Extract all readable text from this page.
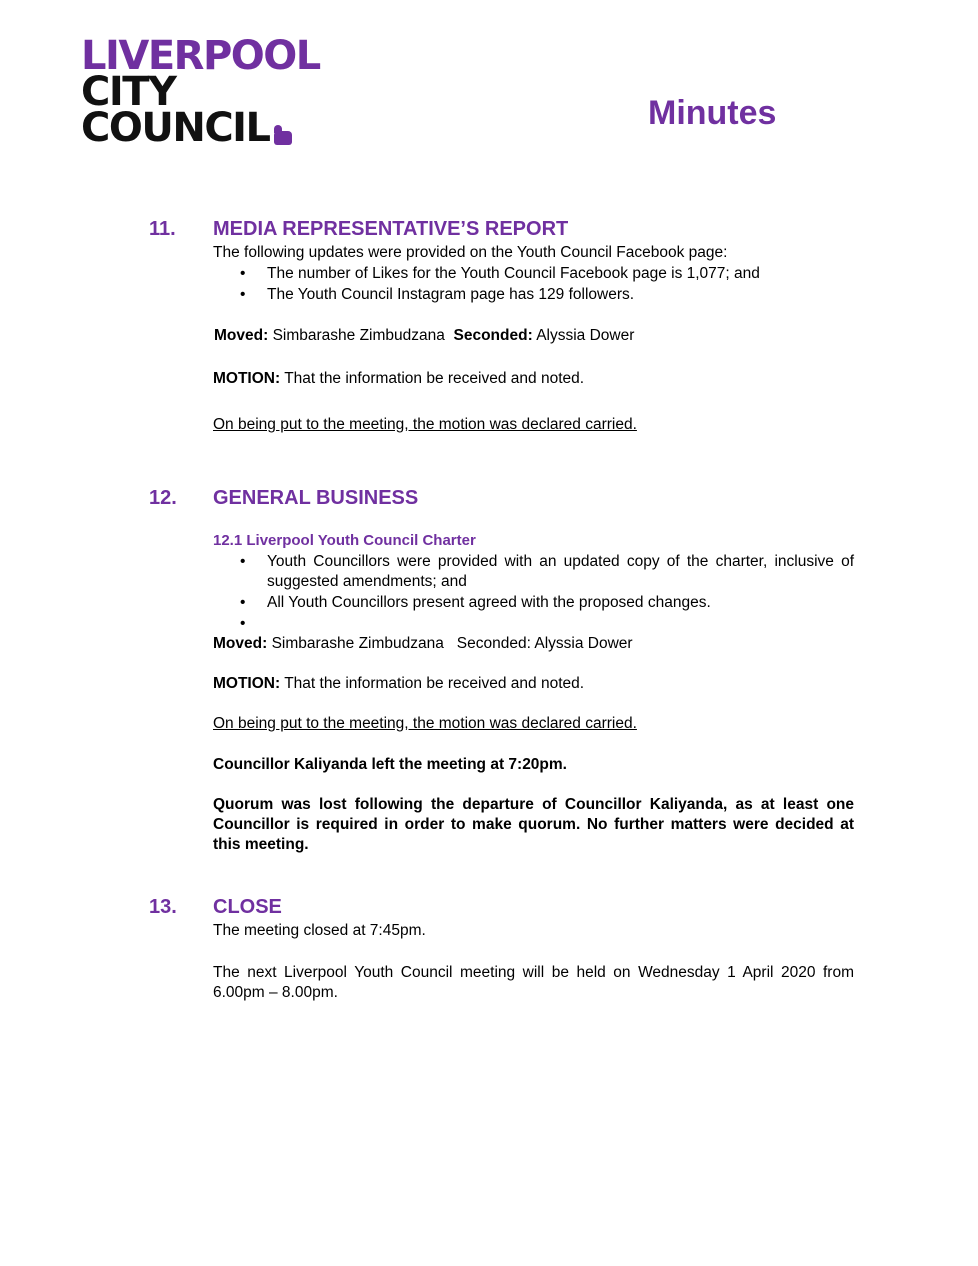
LIVERPOOL
CITY
COUNCIL	Minutes
11. MEDIA REPRESENTATIVE’S REPORT
The following updates were provided on the Youth Council Facebook page:
• The number of Likes for the Youth Council Facebook page is 1,077; and
• The Youth Council Instagram page has 129 followers.
Moved: Simbarashe Zimbudzana Seconded: Alyssia Dower
MOTION: That the information be received and noted.
On being put to the meeting, the motion was declared carried.
12. GENERAL BUSINESS
12.1 Liverpool Youth Council Charter
• Youth Councillors were provided with an updated copy of the charter, inclusive of suggested amendments; and
• All Youth Councillors present agreed with the proposed changes.
•
Moved: Simbarashe Zimbudzana Seconded: Alyssia Dower
MOTION: That the information be received and noted.
On being put to the meeting, the motion was declared carried.
Councillor Kaliyanda left the meeting at 7:20pm.
Quorum was lost following the departure of Councillor Kaliyanda, as at least one Councillor is required in order to make quorum. No further matters were decided at this meeting.
13. CLOSE
The meeting closed at 7:45pm.
The next Liverpool Youth Council meeting will be held on Wednesday 1 April 2020 from 6.00pm – 8.00pm.
